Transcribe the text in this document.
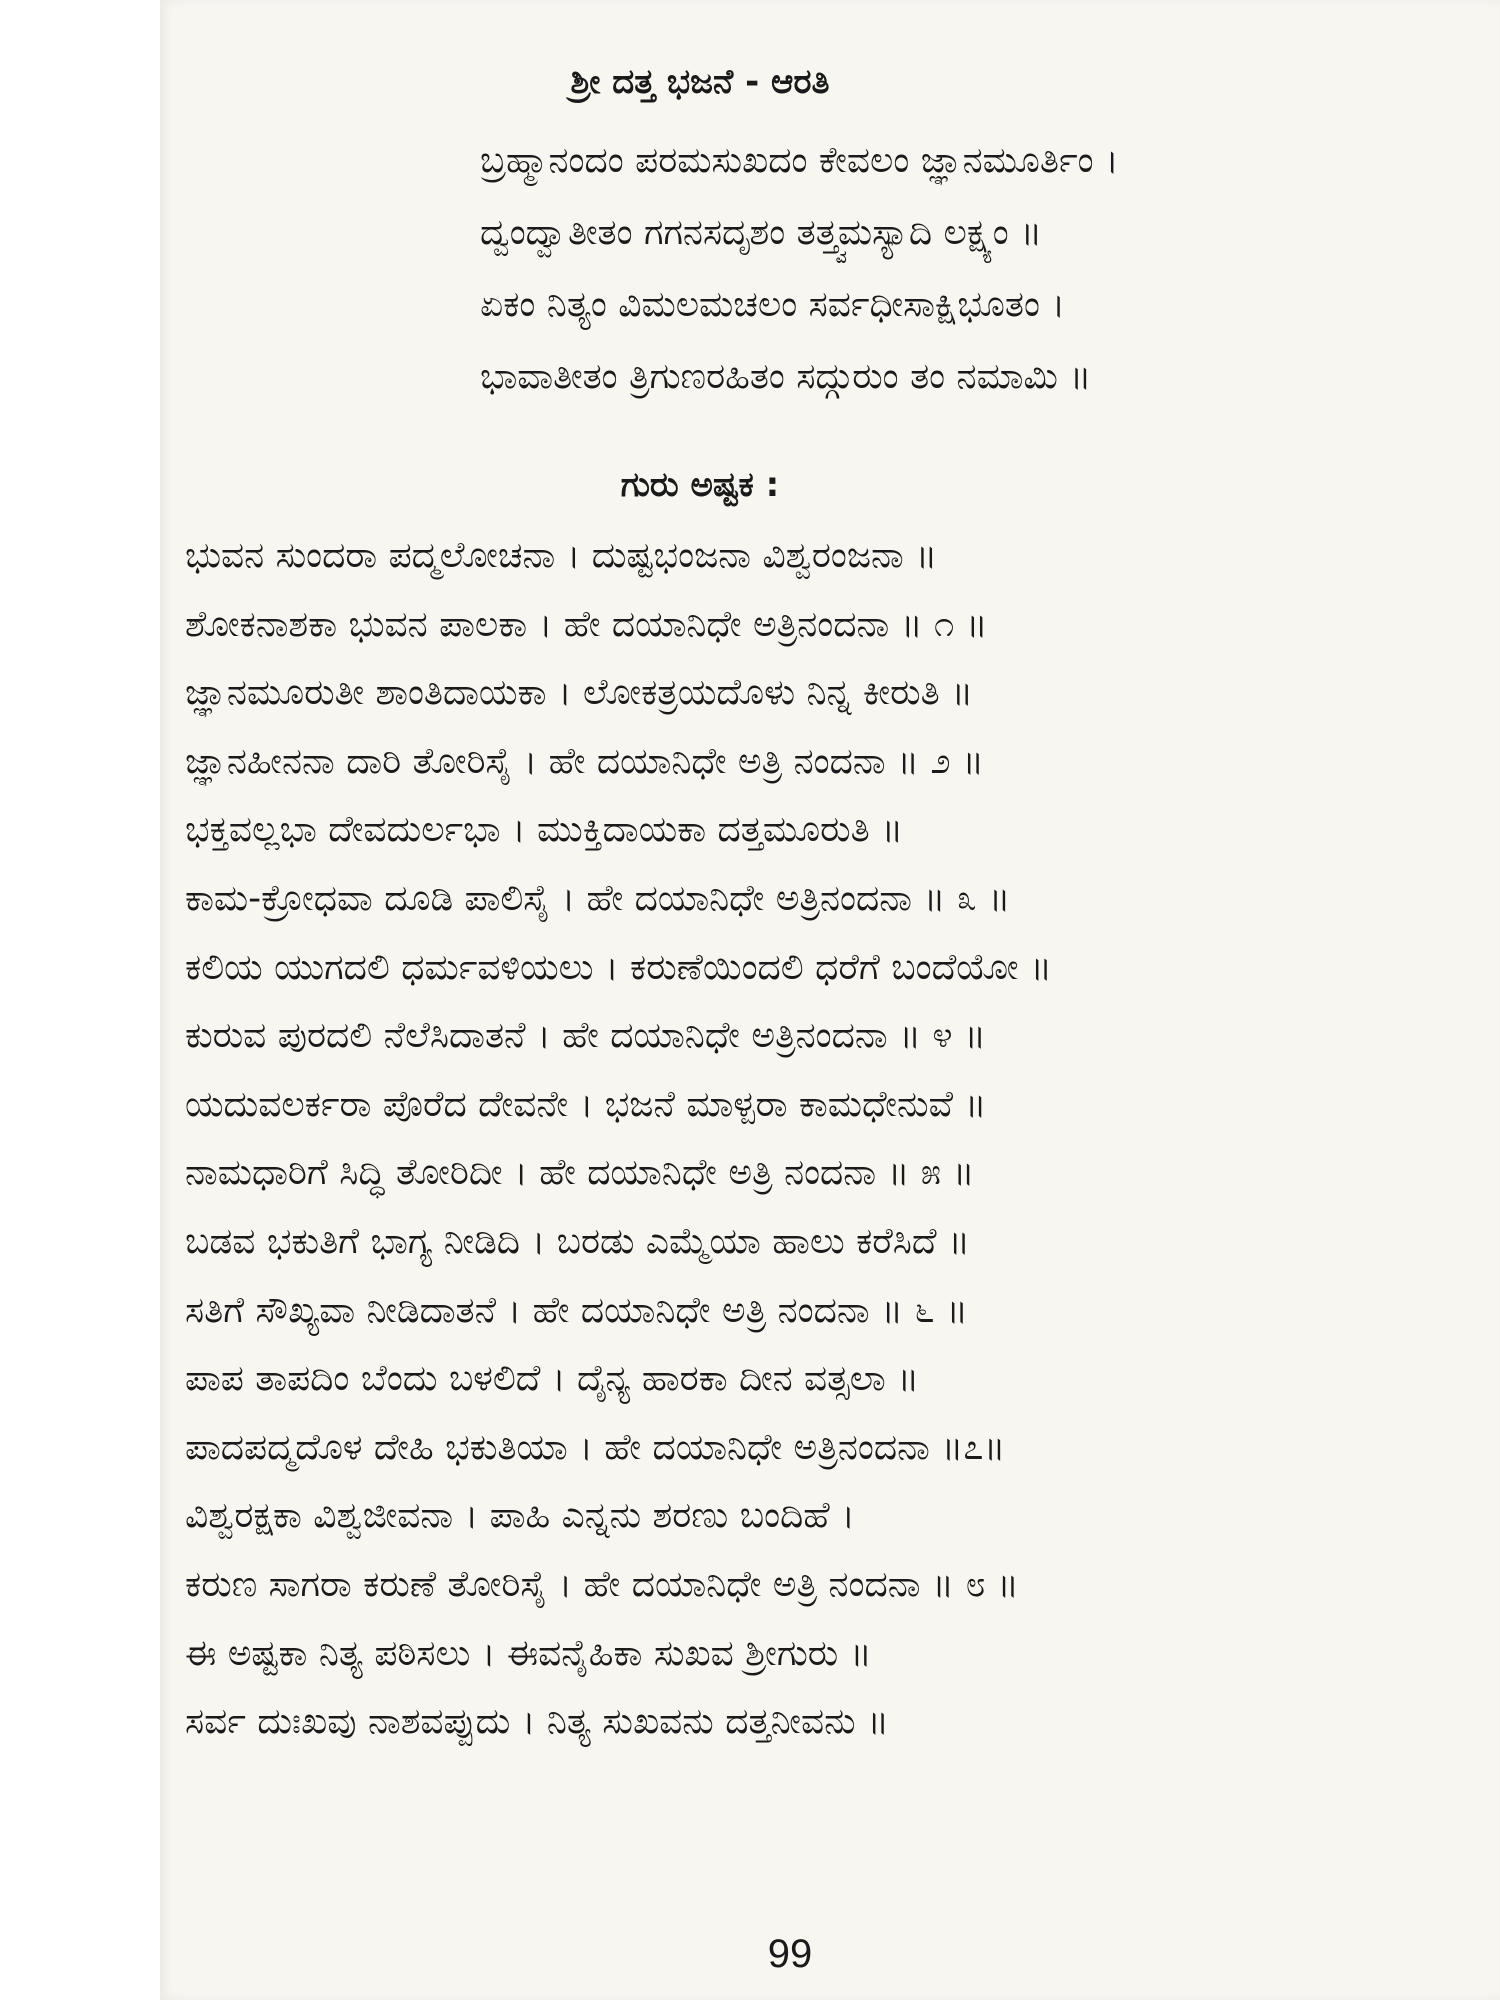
ಶ್ರೀ ದತ್ತ ಭಜನೆ - ಆರತಿ
ಬ್ರಹ್ಮಾನಂದಂ ಪರಮಸುಖದಂ ಕೇವಲಂ ಜ್ಞಾನಮೂರ್ತಿಂ ।
ದ್ವಂದ್ವಾತೀತಂ ಗಗನಸದೃಶಂ ತತ್ತ್ವಮಸ್ಯಾದಿ ಲಕ್ಷ್ಯಂ ॥
ಏಕಂ ನಿತ್ಯಂ ವಿಮಲಮಚಲಂ ಸರ್ವಧೀಸಾಕ್ಷಿಭೂತಂ ।
ಭಾವಾತೀತಂ ತ್ರಿಗುಣರಹಿತಂ ಸದ್ಗುರುಂ ತಂ ನಮಾಮಿ ॥
ಗುರು ಅಷ್ಟಕ :
ಭುವನ ಸುಂದರಾ ಪದ್ಮಲೋಚನಾ । ದುಷ್ಟಭಂಜನಾ ವಿಶ್ವರಂಜನಾ ॥
ಶೋಕನಾಶಕಾ ಭುವನ ಪಾಲಕಾ । ಹೇ ದಯಾನಿಧೇ ಅತ್ರಿನಂದನಾ ॥ ೧ ॥
ಜ್ಞಾನಮೂರುತೀ ಶಾಂತಿದಾಯಕಾ । ಲೋಕತ್ರಯದೊಳು ನಿನ್ನ ಕೀರುತಿ ॥
ಜ್ಞಾನಹೀನನಾ ದಾರಿ ತೋರಿಸೈ । ಹೇ ದಯಾನಿಧೇ ಅತ್ರಿ ನಂದನಾ ॥ ೨ ॥
ಭಕ್ತವಲ್ಲಭಾ ದೇವದುರ್ಲಭಾ । ಮುಕ್ತಿದಾಯಕಾ ದತ್ತಮೂರುತಿ ॥
ಕಾಮ-ಕ್ರೋಧವಾ ದೂಡಿ ಪಾಲಿಸೈ । ಹೇ ದಯಾನಿಧೇ ಅತ್ರಿನಂದನಾ ॥ ೩ ॥
ಕಲಿಯ ಯುಗದಲಿ ಧರ್ಮವಳಿಯಲು । ಕರುಣೆಯಿಂದಲಿ ಧರೆಗೆ ಬಂದೆಯೋ ॥
ಕುರುವ ಪುರದಲಿ ನೆಲೆಸಿದಾತನೆ । ಹೇ ದಯಾನಿಧೇ ಅತ್ರಿನಂದನಾ ॥ ೪ ॥
ಯದುವಲರ್ಕರಾ ಪೊರೆದ ದೇವನೇ । ಭಜನೆ ಮಾಳ್ಪರಾ ಕಾಮಧೇನುವೆ ॥
ನಾಮಧಾರಿಗೆ ಸಿದ್ಧಿ ತೋರಿದೀ । ಹೇ ದಯಾನಿಧೇ ಅತ್ರಿ ನಂದನಾ ॥ ೫ ॥
ಬಡವ ಭಕುತಿಗೆ ಭಾಗ್ಯ ನೀಡಿದಿ । ಬರಡು ಎಮ್ಮೆಯಾ ಹಾಲು ಕರೆಸಿದೆ ॥
ಸತಿಗೆ ಸೌಖ್ಯವಾ ನೀಡಿದಾತನೆ । ಹೇ ದಯಾನಿಧೇ ಅತ್ರಿ ನಂದನಾ ॥ ೬ ॥
ಪಾಪ ತಾಪದಿಂ ಬೆಂದು ಬಳಲಿದೆ । ದೈನ್ಯ ಹಾರಕಾ ದೀನ ವತ್ಸಲಾ ॥
ಪಾದಪದ್ಮದೊಳ ದೇಹಿ ಭಕುತಿಯಾ । ಹೇ ದಯಾನಿಧೇ ಅತ್ರಿನಂದನಾ ॥೭॥
ವಿಶ್ವರಕ್ಷಕಾ ವಿಶ್ವಜೀವನಾ । ಪಾಹಿ ಎನ್ನನು ಶರಣು ಬಂದಿಹೆ ।
ಕರುಣ ಸಾಗರಾ ಕರುಣೆ ತೋರಿಸೈ । ಹೇ ದಯಾನಿಧೇ ಅತ್ರಿ ನಂದನಾ ॥ ೮ ॥
ಈ ಅಷ್ಟಕಾ ನಿತ್ಯ ಪಠಿಸಲು । ಈವನೈಹಿಕಾ ಸುಖವ ಶ್ರೀಗುರು ॥
ಸರ್ವ ದುಃಖವು ನಾಶವಪ್ಪುದು । ನಿತ್ಯ ಸುಖವನು ದತ್ತನೀವನು ॥
99
